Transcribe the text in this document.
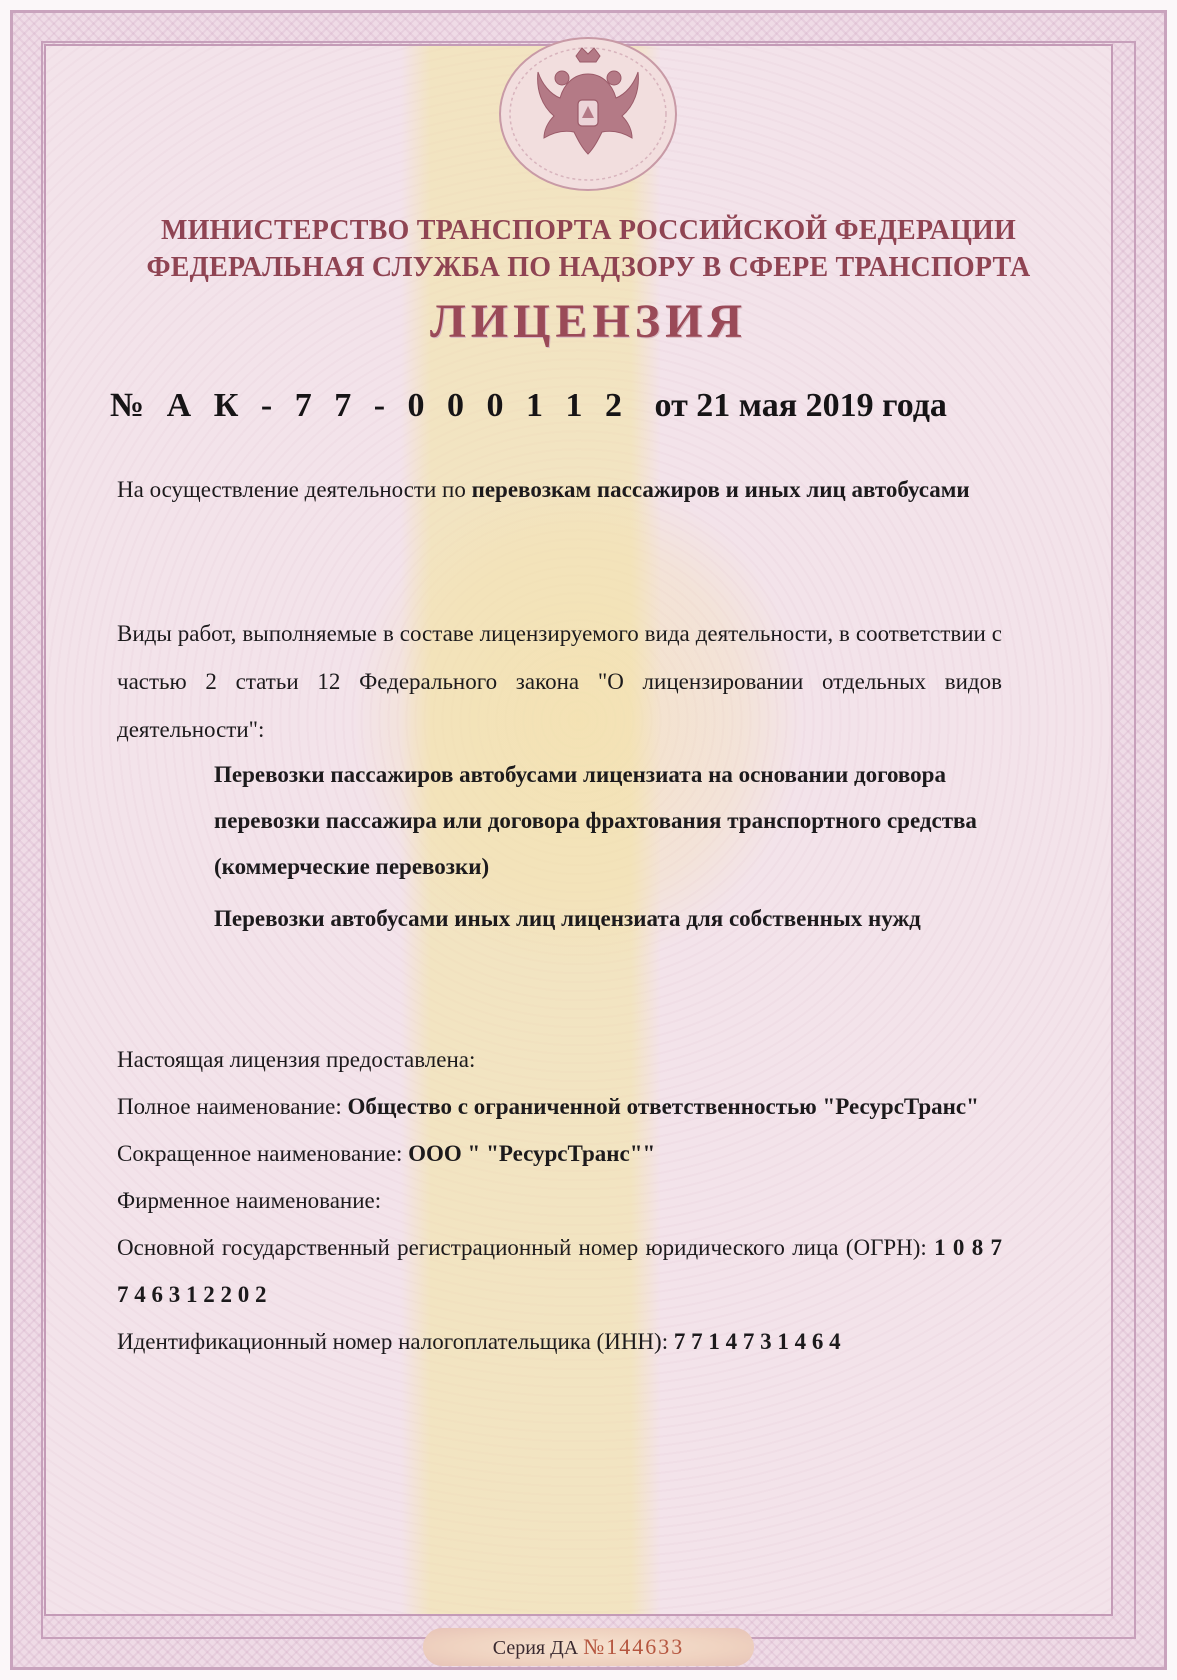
МИНИСТЕРСТВО ТРАНСПОРТА РОССИЙСКОЙ ФЕДЕРАЦИИ
ФЕДЕРАЛЬНАЯ СЛУЖБА ПО НАДЗОРУ В СФЕРЕ ТРАНСПОРТА
ЛИЦЕНЗИЯ
№ А К - 7 7 - 0 0 0 1 1 2 от 21 мая 2019 года
На осуществление деятельности по перевозкам пассажиров и иных лиц автобусами
Виды работ, выполняемые в составе лицензируемого вида деятельности, в соответствии с частью 2 статьи 12 Федерального закона "О лицензировании отдельных видов деятельности":
Перевозки пассажиров автобусами лицензиата на основании договора перевозки пассажира или договора фрахтования транспортного средства (коммерческие перевозки)
Перевозки автобусами иных лиц лицензиата для собственных нужд
Настоящая лицензия предоставлена:
Полное наименование: Общество с ограниченной ответственностью "РесурсТранс"
Сокращенное наименование: ООО " "РесурсТранс""
Фирменное наименование:
Основной государственный регистрационный номер юридического лица (ОГРН): 1 0 8 7 7 4 6 3 1 2 2 0 2
Идентификационный номер налогоплательщика (ИНН): 7 7 1 4 7 3 1 4 6 4
Серия ДА №144633
